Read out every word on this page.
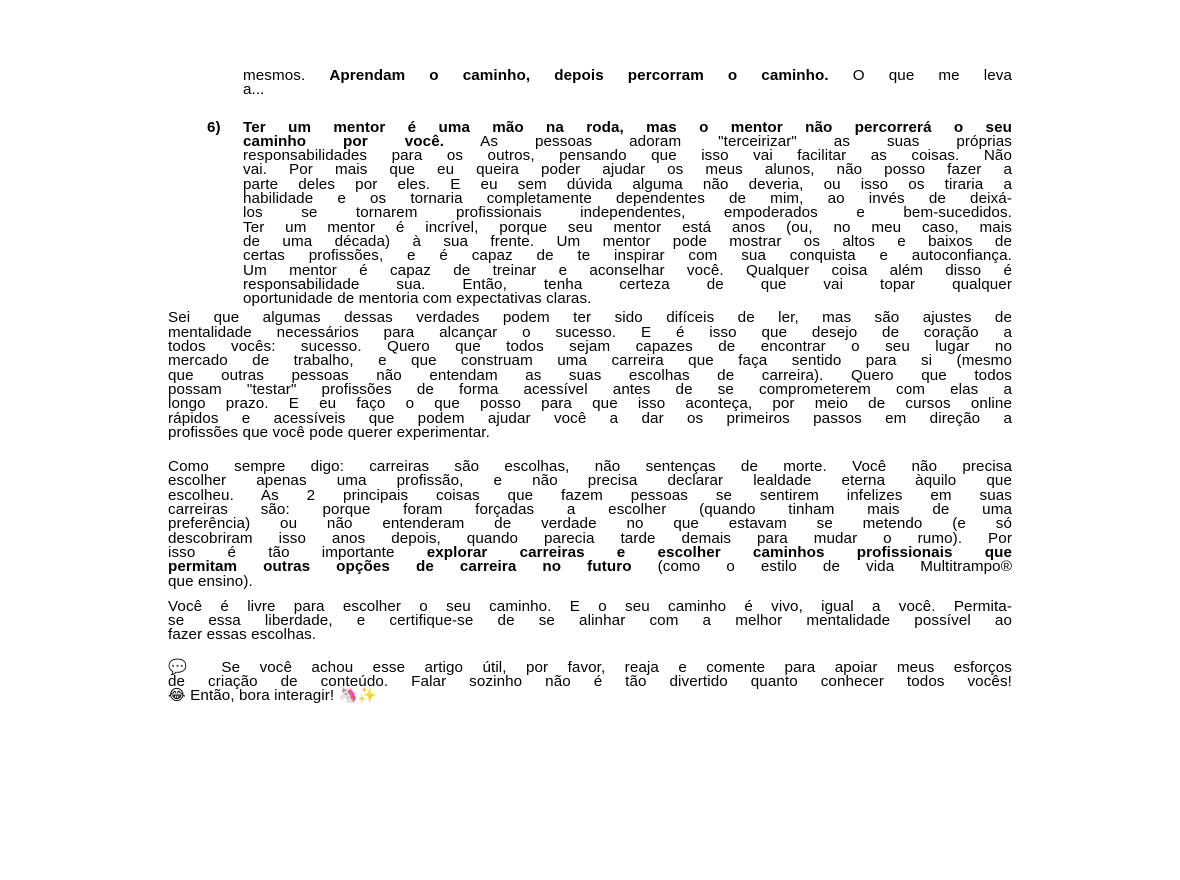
mesmos. Aprendam o caminho, depois percorram o caminho. O que me leva
a...
6) Ter um mentor é uma mão na roda, mas o mentor não percorrerá o seu
caminho por você. As pessoas adoram "terceirizar" as suas próprias
responsabilidades para os outros, pensando que isso vai facilitar as coisas. Não
vai. Por mais que eu queira poder ajudar os meus alunos, não posso fazer a
parte deles por eles. E eu sem dúvida alguma não deveria, ou isso os tiraria a
habilidade e os tornaria completamente dependentes de mim, ao invés de deixá-
los se tornarem profissionais independentes, empoderados e bem-sucedidos.
Ter um mentor é incrível, porque seu mentor está anos (ou, no meu caso, mais
de uma década) à sua frente. Um mentor pode mostrar os altos e baixos de
certas profissões, e é capaz de te inspirar com sua conquista e autoconfiança.
Um mentor é capaz de treinar e aconselhar você. Qualquer coisa além disso é
responsabilidade sua. Então, tenha certeza de que vai topar qualquer
oportunidade de mentoria com expectativas claras.
Sei que algumas dessas verdades podem ter sido difíceis de ler, mas são ajustes de
mentalidade necessários para alcançar o sucesso. E é isso que desejo de coração a
todos vocês: sucesso. Quero que todos sejam capazes de encontrar o seu lugar no
mercado de trabalho, e que construam uma carreira que faça sentido para si (mesmo
que outras pessoas não entendam as suas escolhas de carreira). Quero que todos
possam "testar" profissões de forma acessível antes de se comprometerem com elas a
longo prazo. E eu faço o que posso para que isso aconteça, por meio de cursos online
rápidos e acessíveis que podem ajudar você a dar os primeiros passos em direção a
profissões que você pode querer experimentar.
Como sempre digo: carreiras são escolhas, não sentenças de morte. Você não precisa
escolher apenas uma profissão, e não precisa declarar lealdade eterna àquilo que
escolheu. As 2 principais coisas que fazem pessoas se sentirem infelizes em suas
carreiras são: porque foram forçadas a escolher (quando tinham mais de uma
preferência) ou não entenderam de verdade no que estavam se metendo (e só
descobriram isso anos depois, quando parecia tarde demais para mudar o rumo). Por
isso é tão importante explorar carreiras e escolher caminhos profissionais que
permitam outras opções de carreira no futuro (como o estilo de vida Multitrampo®
que ensino).
Você é livre para escolher o seu caminho. E o seu caminho é vivo, igual a você. Permita-
se essa liberdade, e certifique-se de se alinhar com a melhor mentalidade possível ao
fazer essas escolhas.
💬 Se você achou esse artigo útil, por favor, reaja e comente para apoiar meus esforços
de criação de conteúdo. Falar sozinho não é tão divertido quanto conhecer todos vocês!
😂 Então, bora interagir! 🦄✨
